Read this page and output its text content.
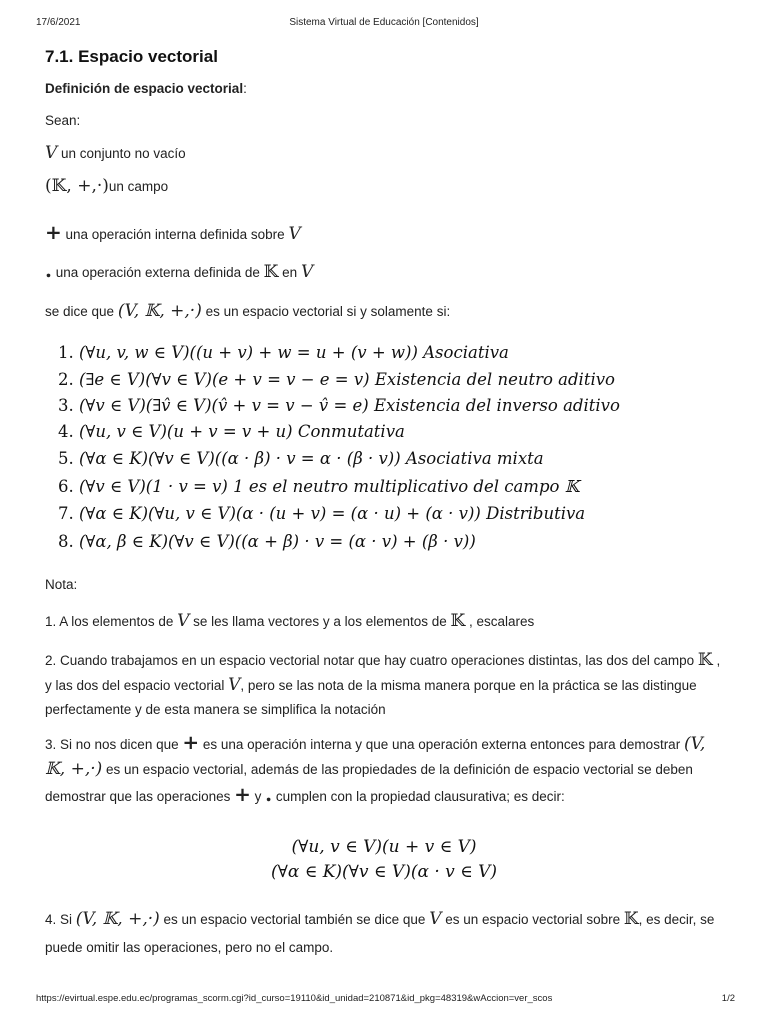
17/6/2021	Sistema Virtual de Educación [Contenidos]
7.1. Espacio vectorial
Definición de espacio vectorial:
Sean:
V un conjunto no vacío
(𝕂, +,·)un campo
+ una operación interna definida sobre V
. una operación externa definida de 𝕂 en V
se dice que (V, 𝕂, +,·) es un espacio vectorial si y solamente si:
1. (∀u, v, w ∈ V)((u + v) + w = u + (v + w)) Asociativa
2. (∃e ∈ V)(∀v ∈ V)(e + v = v − e = v) Existencia del neutro aditivo
3. (∀v ∈ V)(∃v̂ ∈ V)(v̂ + v = v − v̂ = e) Existencia del inverso aditivo
4. (∀u, v ∈ V)(u + v = v + u) Conmutativa
5. (∀α ∈ K)(∀v ∈ V)((α · β) · v = α · (β · v)) Asociativa mixta
6. (∀v ∈ V)(1 · v = v) 1 es el neutro multiplicativo del campo 𝕂
7. (∀α ∈ K)(∀u, v ∈ V)(α · (u + v) = (α · u) + (α · v)) Distributiva
8. (∀α, β ∈ K)(∀v ∈ V)((α + β) · v = (α · v) + (β · v))
Nota:
1. A los elementos de V se les llama vectores y a los elementos de 𝕂 , escalares
2. Cuando trabajamos en un espacio vectorial notar que hay cuatro operaciones distintas, las dos del campo 𝕂 , y las dos del espacio vectorial V, pero se las nota de la misma manera porque en la práctica se las distingue perfectamente y de esta manera se simplifica la notación
3. Si no nos dicen que + es una operación interna y que una operación externa entonces para demostrar (V, 𝕂, +,·) es un espacio vectorial, además de las propiedades de la definición de espacio vectorial se deben demostrar que las operaciones + y . cumplen con la propiedad clausurativa; es decir:
(∀u, v ∈ V)(u + v ∈ V)
(∀α ∈ K)(∀v ∈ V)(α · v ∈ V)
4. Si (V, 𝕂, +,·) es un espacio vectorial también se dice que V es un espacio vectorial sobre 𝕂, es decir, se puede omitir las operaciones, pero no el campo.
https://evirtual.espe.edu.ec/programas_scorm.cgi?id_curso=19110&id_unidad=210871&id_pkg=48319&wAccion=ver_scos	1/2
